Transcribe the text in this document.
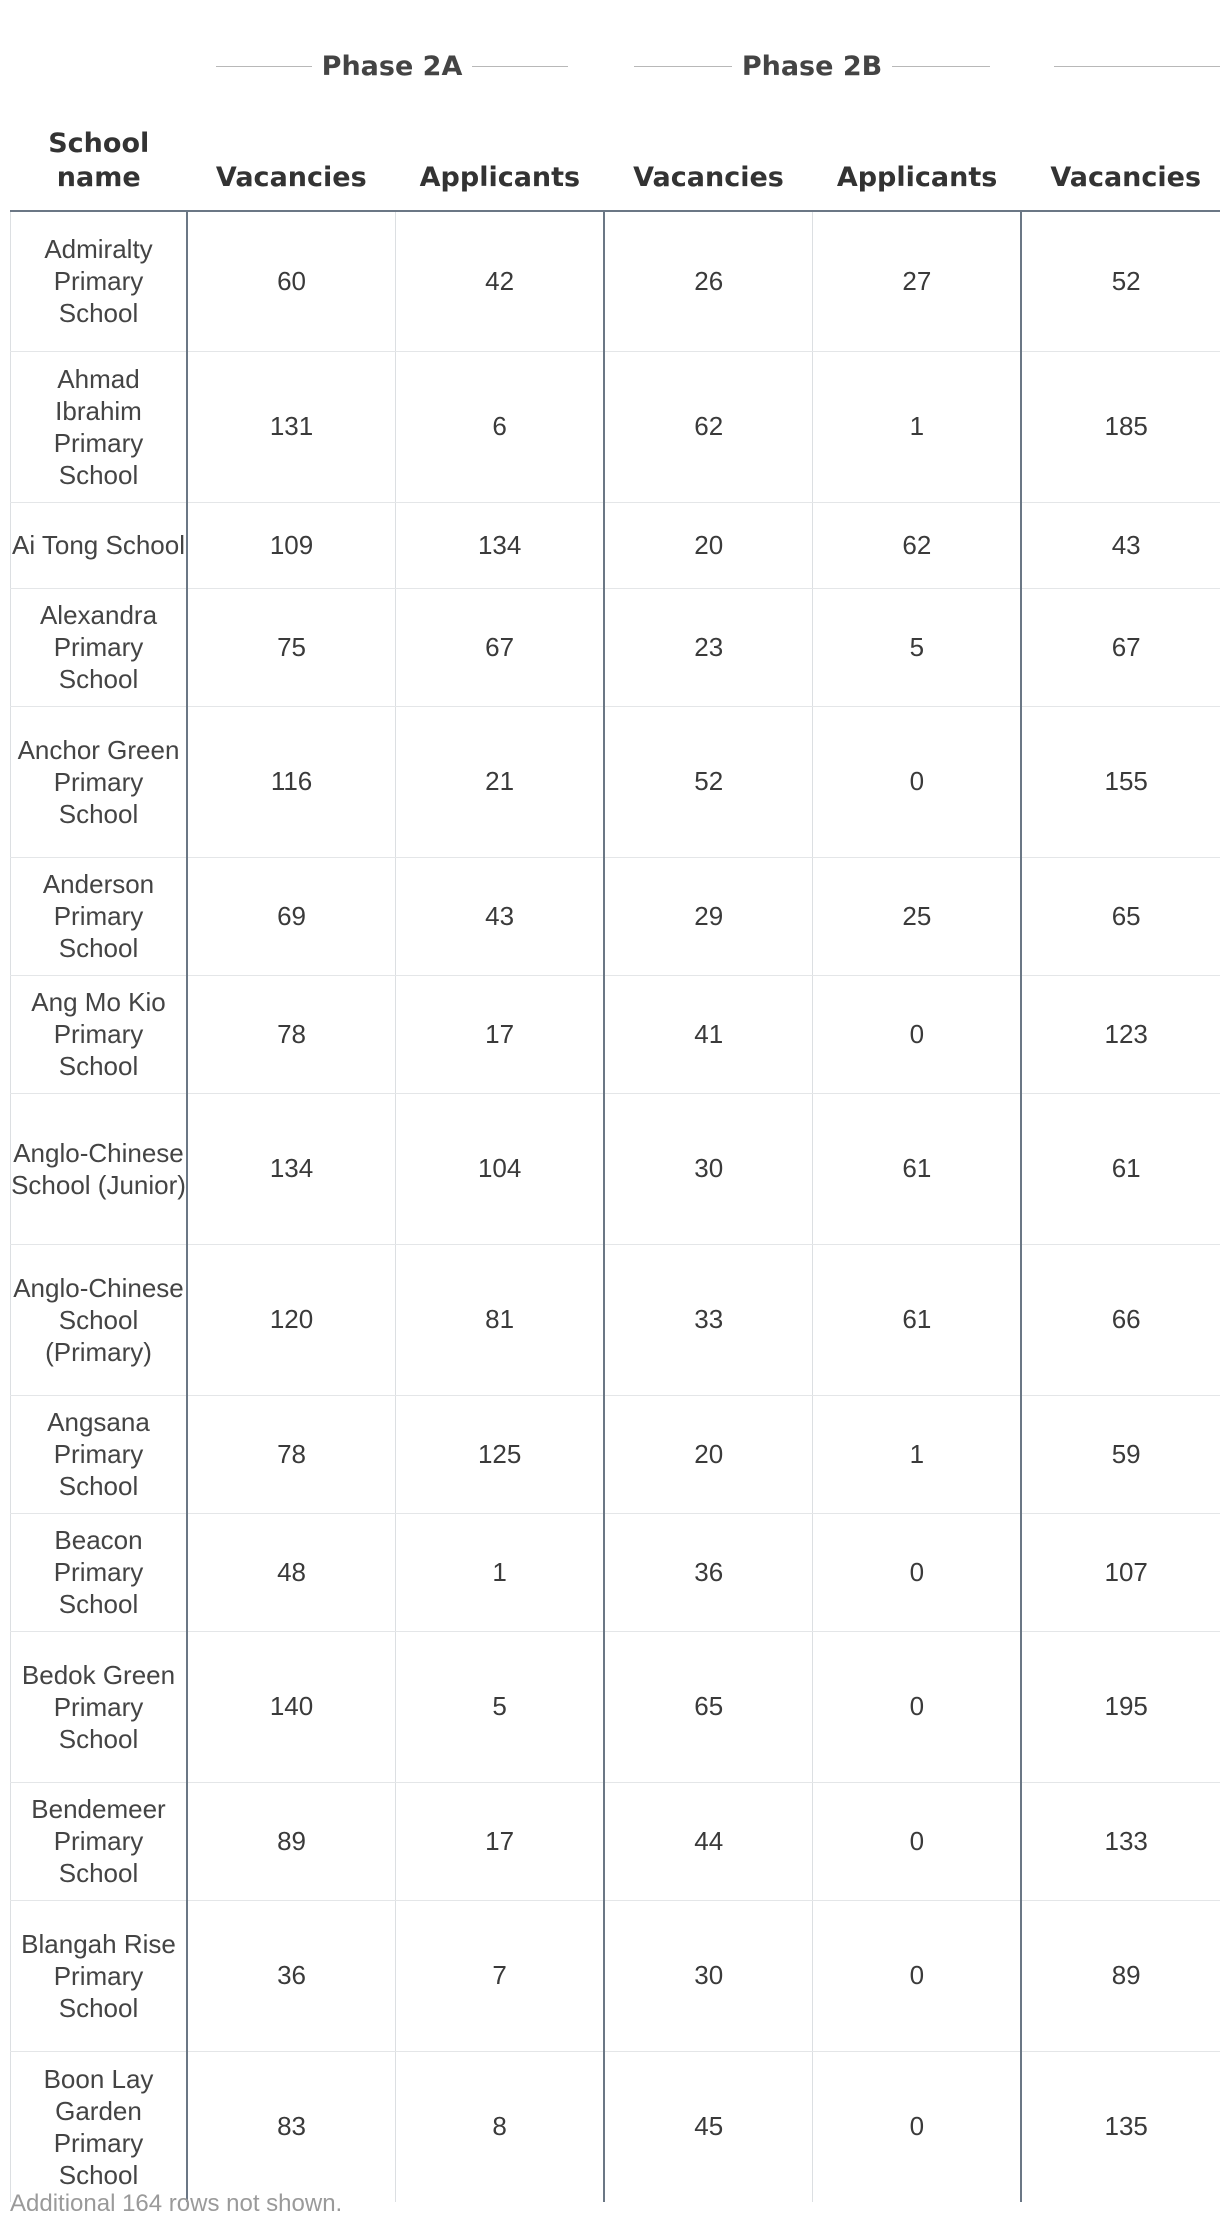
Phase 2A	Phase 2B
School name	Vacancies	Applicants	Vacancies	Applicants	Vacancies
Admiralty Primary School	60	42	26	27	52
Ahmad Ibrahim Primary School	131	6	62	1	185
Ai Tong School	109	134	20	62	43
Alexandra Primary School	75	67	23	5	67
Anchor Green Primary School	116	21	52	0	155
Anderson Primary School	69	43	29	25	65
Ang Mo Kio Primary School	78	17	41	0	123
Anglo-Chinese School (Junior)	134	104	30	61	61
Anglo-Chinese School (Primary)	120	81	33	61	66
Angsana Primary School	78	125	20	1	59
Beacon Primary School	48	1	36	0	107
Bedok Green Primary School	140	5	65	0	195
Bendemeer Primary School	89	17	44	0	133
Blangah Rise Primary School	36	7	30	0	89
Boon Lay Garden Primary School	83	8	45	0	135
Additional 164 rows not shown.
